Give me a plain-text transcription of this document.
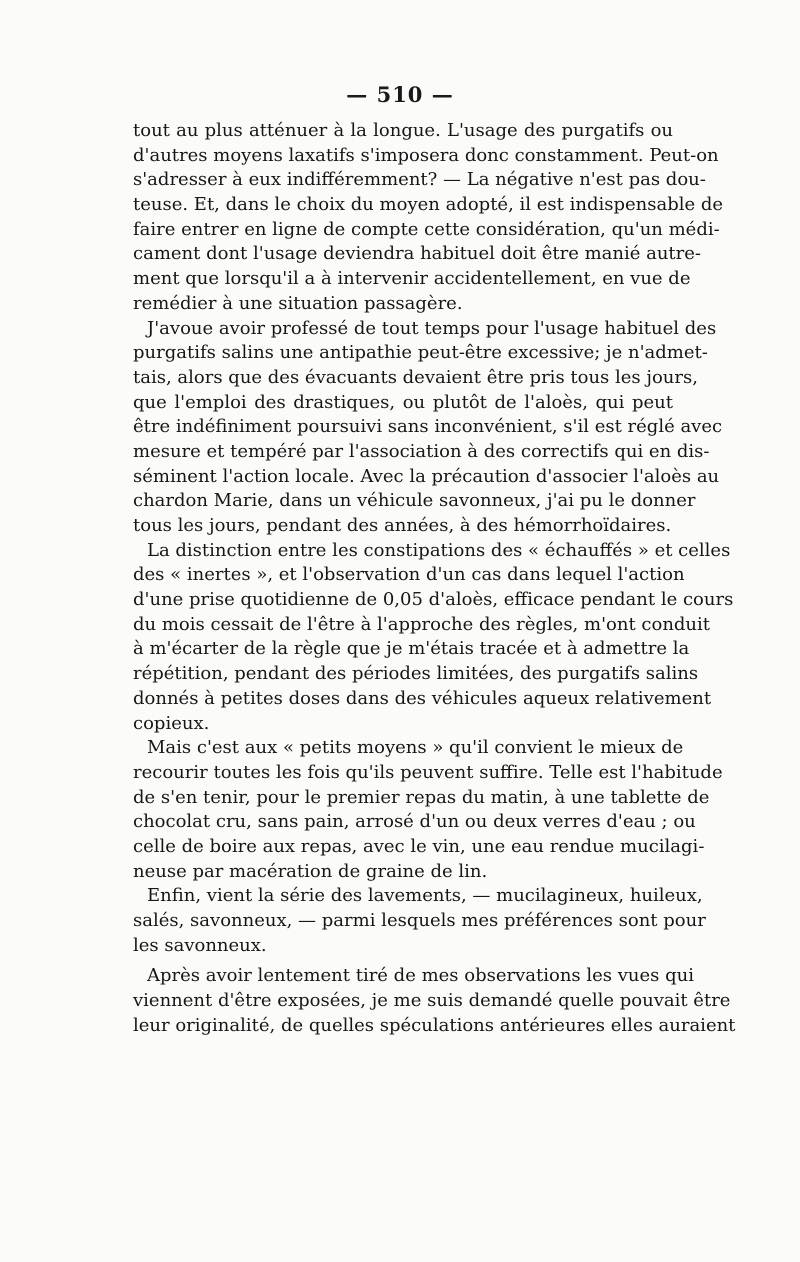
— 510 —
tout au plus atténuer à la longue. L'usage des purgatifs ou
d'autres moyens laxatifs s'imposera donc constamment. Peut-on
s'adresser à eux indifféremment? — La négative n'est pas dou-
teuse. Et, dans le choix du moyen adopté, il est indispensable de
faire entrer en ligne de compte cette considération, qu'un médi-
cament dont l'usage deviendra habituel doit être manié autre-
ment que lorsqu'il a à intervenir accidentellement, en vue de
remédier à une situation passagère.
J'avoue avoir professé de tout temps pour l'usage habituel des
purgatifs salins une antipathie peut-être excessive; je n'admet-
tais, alors que des évacuants devaient être pris tous les jours,
que l'emploi des drastiques, ou plutôt de l'aloès, qui peut
être indéfiniment poursuivi sans inconvénient, s'il est réglé avec
mesure et tempéré par l'association à des correctifs qui en dis-
séminent l'action locale. Avec la précaution d'associer l'aloès au
chardon Marie, dans un véhicule savonneux, j'ai pu le donner
tous les jours, pendant des années, à des hémorrhoïdaires.
La distinction entre les constipations des « échauffés » et celles
des « inertes », et l'observation d'un cas dans lequel l'action
d'une prise quotidienne de 0,05 d'aloès, efficace pendant le cours
du mois cessait de l'être à l'approche des règles, m'ont conduit
à m'écarter de la règle que je m'étais tracée et à admettre la
répétition, pendant des périodes limitées, des purgatifs salins
donnés à petites doses dans des véhicules aqueux relativement
copieux.
Mais c'est aux « petits moyens » qu'il convient le mieux de
recourir toutes les fois qu'ils peuvent suffire. Telle est l'habitude
de s'en tenir, pour le premier repas du matin, à une tablette de
chocolat cru, sans pain, arrosé d'un ou deux verres d'eau ; ou
celle de boire aux repas, avec le vin, une eau rendue mucilagi-
neuse par macération de graine de lin.
Enfin, vient la série des lavements, — mucilagineux, huileux,
salés, savonneux, — parmi lesquels mes préférences sont pour
les savonneux.
Après avoir lentement tiré de mes observations les vues qui
viennent d'être exposées, je me suis demandé quelle pouvait être
leur originalité, de quelles spéculations antérieures elles auraient
